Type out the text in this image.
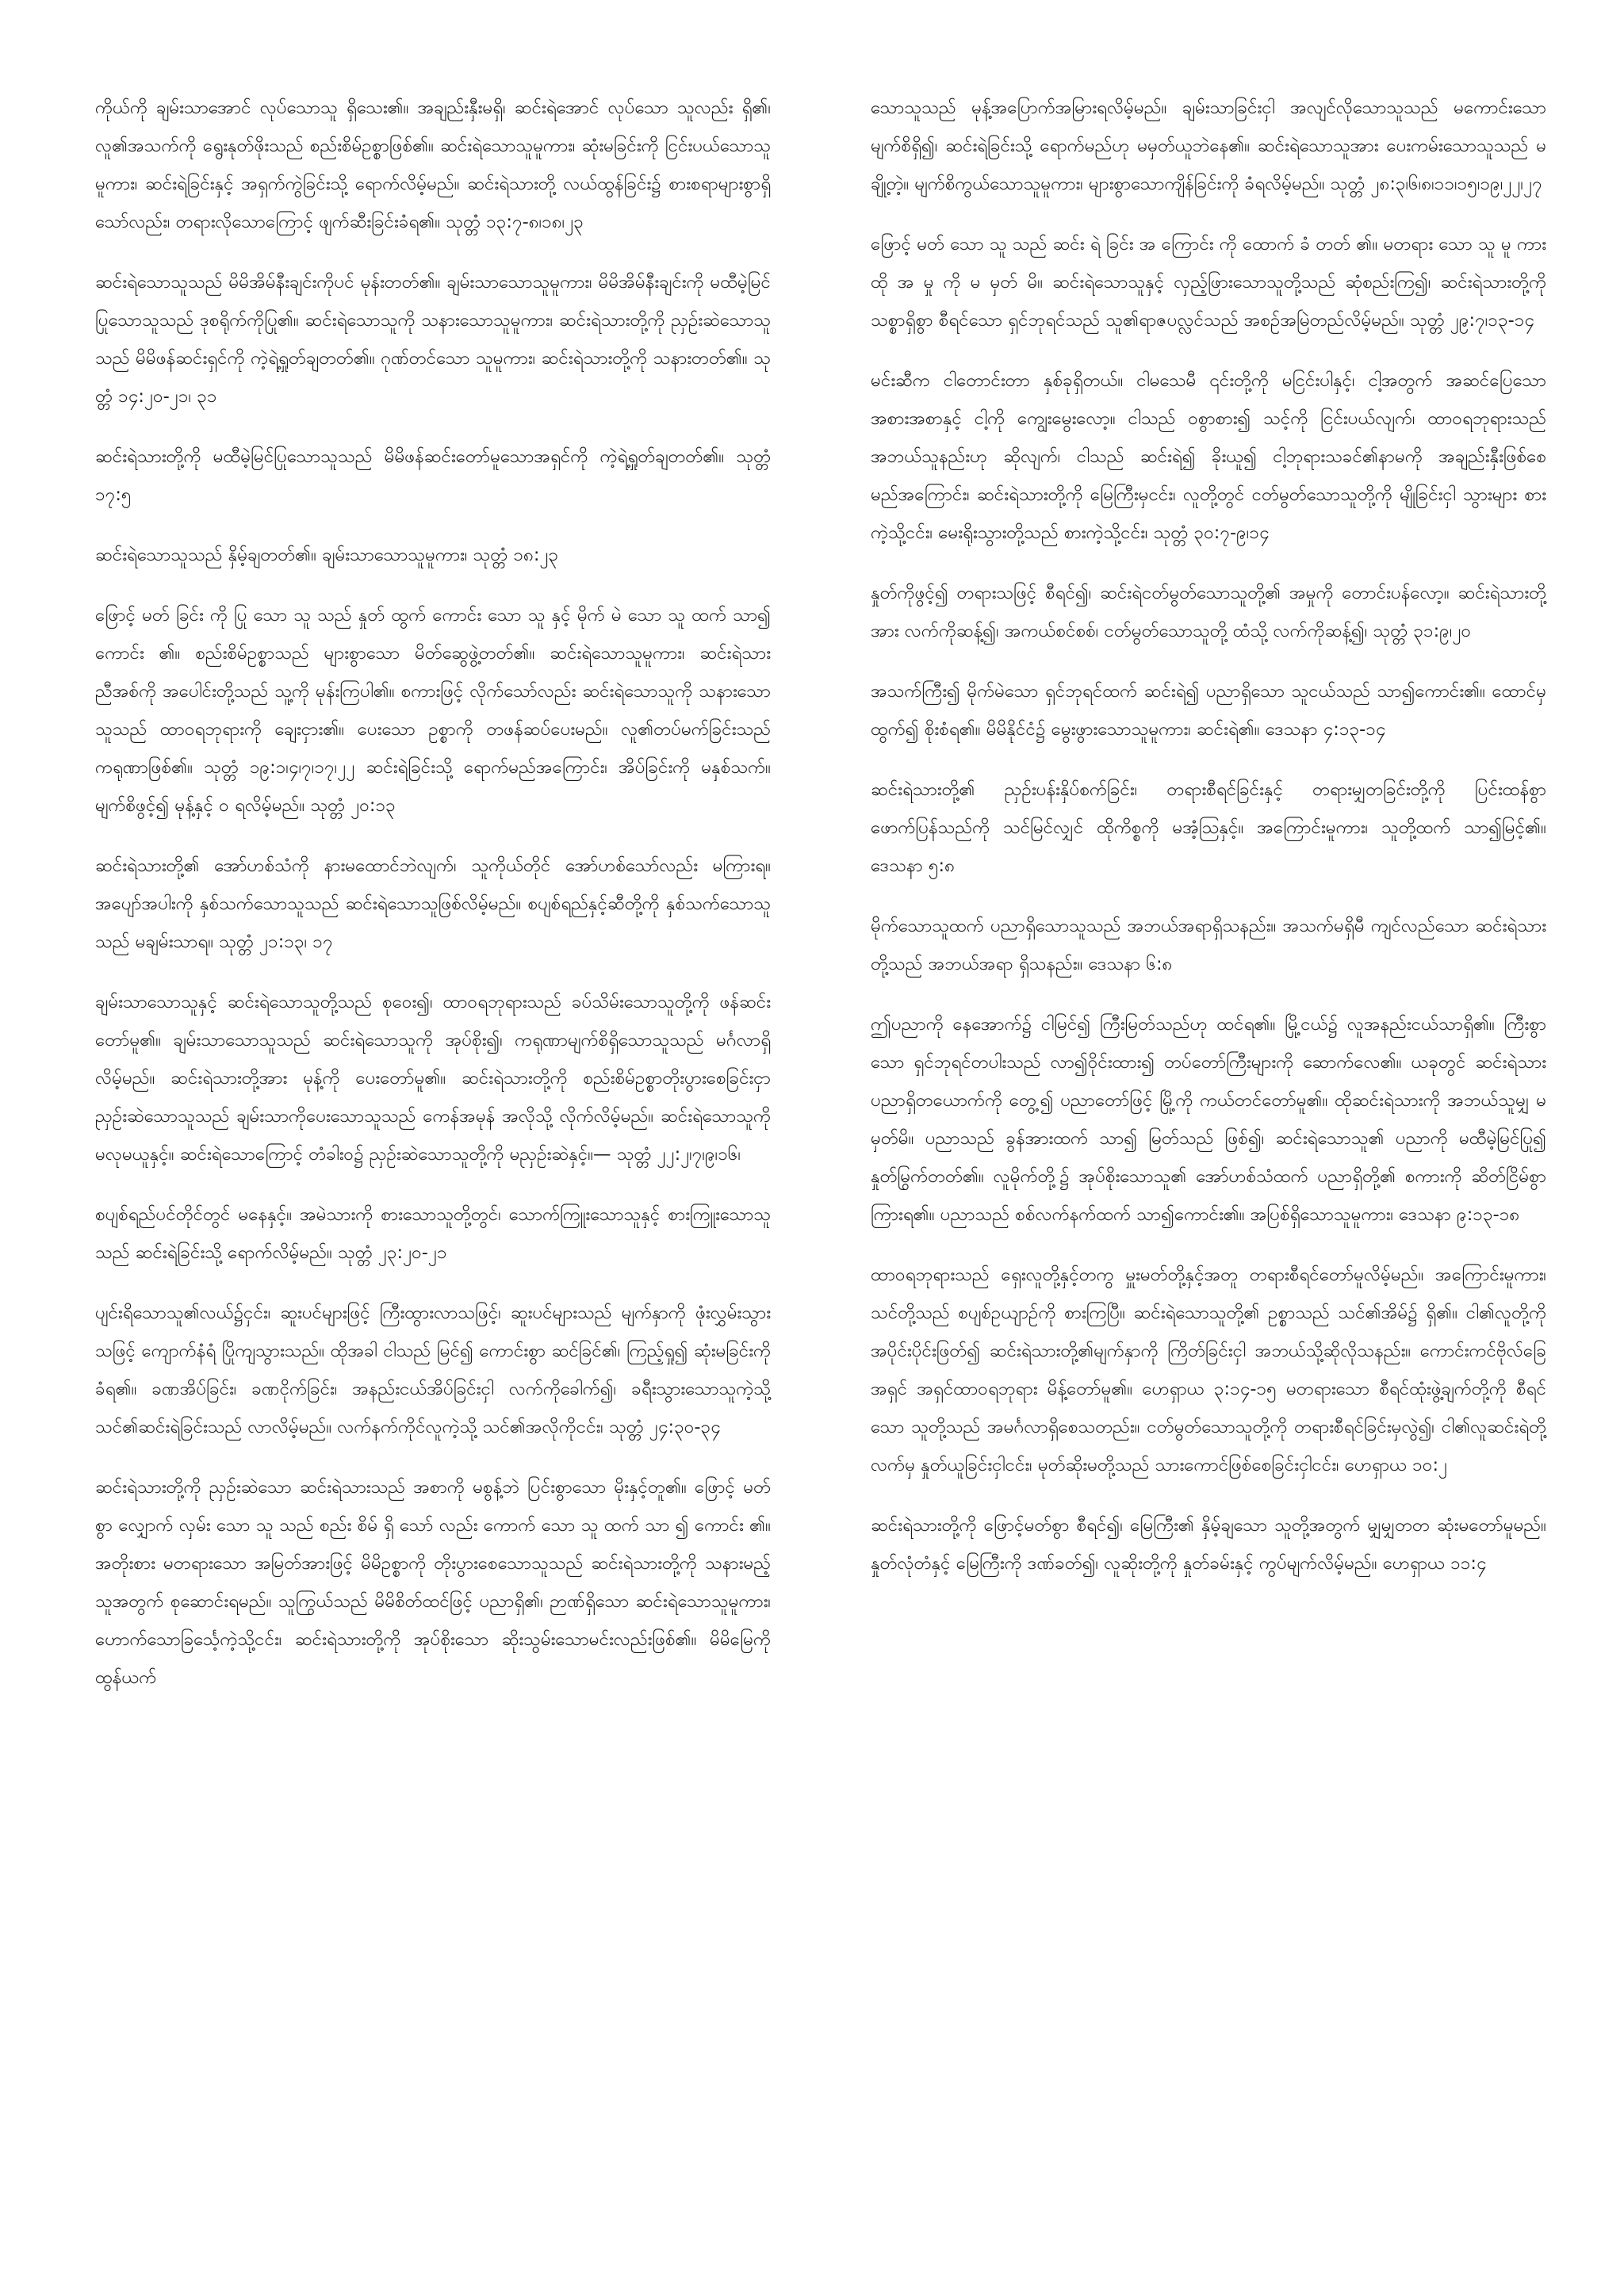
ကိုယ်ကို ချမ်းသာအောင် လုပ်သောသူ ရှိသေး၏။ အချည်းနှီးမရှိ၊ ဆင်းရဲအောင် လုပ်သော သူလည်း ရှိ၏၊ လူ၏အသက်ကို ရွေးနုတ်ဖိုးသည် စည်းစိမ်ဥစ္စာဖြစ်၏။ ဆင်းရဲသောသူမူကား၊ ဆုံးမခြင်းကို ငြင်းပယ်သောသူမူကား၊ ဆင်းရဲခြင်းနှင့် အရှက်ကွဲခြင်းသို့ ရောက်လိမ့်မည်။ ဆင်းရဲသားတို့ လယ်ထွန်ခြင်း၌ စားစရာများစွာရှိသော်လည်း၊ တရားလိုသောကြောင့် ဖျက်ဆီးခြင်းခံရ၏။ သုတ္တံ ၁၃:၇-၈၊၁၈၊၂၃

ဆင်းရဲသောသူသည် မိမိအိမ်နီးချင်းကိုပင် မုန်းတတ်၏။ ချမ်းသာသောသူမူကား၊ မိမိအိမ်နီးချင်းကို မထီမဲ့မြင်ပြုသောသူသည် ဒုစရိုက်ကိုပြု၏။ ဆင်းရဲသောသူကို သနားသောသူမူကား၊ ဆင်းရဲသားတို့ကို ညှဉ်းဆဲသောသူသည် မိမိဖန်ဆင်းရှင်ကို ကဲ့ရဲ့ရှုတ်ချတတ်၏။ ဂုဏ်တင်သော သူမူကား၊ ဆင်းရဲသားတို့ကို သနားတတ်၏။ သုတ္တံ ၁၄:၂၀-၂၁၊ ၃၁

ဆင်းရဲသားတို့ကို မထီမဲ့မြင်ပြုသောသူသည် မိမိဖန်ဆင်းတော်မူသောအရှင်ကို ကဲ့ရဲ့ရှုတ်ချတတ်၏။ သုတ္တံ ၁၇:၅

ဆင်းရဲသောသူသည် နှိမ့်ချတတ်၏။ ချမ်းသာသောသူမူကား၊ သုတ္တံ ၁၈:၂၃

ဖြောင့် မတ် ခြင်း ကို ပြု သော သူ သည် နှုတ် ထွက် ကောင်း သော သူ နှင့် မိုက် မဲ သော သူ ထက် သာ၍ ကောင်း ၏။ စည်းစိမ်ဥစ္စာသည် များစွာသော မိတ်ဆွေဖွဲ့တတ်၏။ ဆင်းရဲသောသူမူကား၊ ဆင်းရဲသား ညီအစ်ကို အပေါင်းတို့သည် သူ့ကို မုန်းကြပါ၏။ စကားဖြင့် လိုက်သော်လည်း ဆင်းရဲသောသူကို သနားသောသူသည် ထာဝရဘုရားကို ချေးငှား၏။ ပေးသော ဥစ္စာကို တဖန်ဆပ်ပေးမည်။ လူ၏တပ်မက်ခြင်းသည် ကရုဏာဖြစ်၏။ သုတ္တံ ၁၉:၁၊၄၊၇၊၁၇၊၂၂ ဆင်းရဲခြင်းသို့ ရောက်မည်အကြောင်း၊ အိပ်ခြင်းကို မနှစ်သက်။ မျက်စိဖွင့်၍ မုန့်နှင့် ဝ ရလိမ့်မည်။ သုတ္တံ ၂၀:၁၃

ဆင်းရဲသားတို့၏ အော်ဟစ်သံကို နားမထောင်ဘဲလျက်၊ သူကိုယ်တိုင် အော်ဟစ်သော်လည်း မကြားရ။ အပျော်အပါးကို နှစ်သက်သောသူသည် ဆင်းရဲသောသူဖြစ်လိမ့်မည်။ စပျစ်ရည်နှင့်ဆီတို့ကို နှစ်သက်သောသူသည် မချမ်းသာရ။ သုတ္တံ ၂၁:၁၃၊ ၁၇

ချမ်းသာသောသူနှင့် ဆင်းရဲသောသူတို့သည် စုဝေး၍၊ ထာဝရဘုရားသည် ခပ်သိမ်းသောသူတို့ကို ဖန်ဆင်းတော်မူ၏။ ချမ်းသာသောသူသည် ဆင်းရဲသောသူကို အုပ်စိုး၍၊ ကရုဏာမျက်စိရှိသောသူသည် မင်္ဂလာရှိလိမ့်မည်။ ဆင်းရဲသားတို့အား မုန့်ကို ပေးတော်မူ၏။ ဆင်းရဲသားတို့ကို စည်းစိမ်ဥစ္စာတိုးပွားစေခြင်းငှာ ညှဉ်းဆဲသောသူသည် ချမ်းသာကိုပေးသောသူသည် ကေန်အမုန် အလိုသို့ လိုက်လိမ့်မည်။ ဆင်းရဲသောသူကို မလုမယူနှင့်။ ဆင်းရဲသောကြောင့် တံခါး၀၌ ညှဉ်းဆဲသောသူတို့ကို မညှဉ်းဆဲနှင့်။— သုတ္တံ ၂၂:၂၊၇၊၉၊၁၆၊

စပျစ်ရည်ပင်တိုင်တွင် မနေနှင့်။ အမဲသားကို စားသောသူတို့တွင်၊ သောက်ကြူးသောသူနှင့် စားကြူးသောသူသည် ဆင်းရဲခြင်းသို့ ရောက်လိမ့်မည်။ သုတ္တံ ၂၃:၂၀-၂၁

ပျင်းရိသောသူ၏လယ်၌ငှင်း၊ ဆူးပင်များဖြင့် ကြီးထွားလာသဖြင့်၊ ဆူးပင်များသည် မျက်နှာကို ဖုံးလွှမ်းသွားသဖြင့် ကျောက်နံရံ ပြိုကျသွားသည်။ ထိုအခါ ငါသည် မြင်၍ ကောင်းစွာ ဆင်ခြင်၏၊ ကြည့်ရှု၍ ဆုံးမခြင်းကို ခံရ၏။ ခဏအိပ်ခြင်း၊ ခဏငိုက်ခြင်း၊ အနည်းငယ်အိပ်ခြင်းငှါ လက်ကိုခေါက်၍၊ ခရီးသွားသောသူကဲ့သို့ သင်၏ဆင်းရဲခြင်းသည် လာလိမ့်မည်။ လက်နက်ကိုင်လူကဲ့သို့ သင်၏အလိုကိုငင်း၊ သုတ္တံ ၂၄:၃၀-၃၄

ဆင်းရဲသားတို့ကို ညှဉ်းဆဲသော ဆင်းရဲသားသည် အစာကို မစွန့်ဘဲ ပြင်းစွာသော မိုးနှင့်တူ၏။ ဖြောင့် မတ် စွာ လျှောက် လှမ်း သော သူ သည် စည်း စိမ် ရှိ သော် လည်း ကောက် သော သူ ထက် သာ ၍ ကောင်း ၏။ အတိုးစား မတရားသော အမြတ်အားဖြင့် မိမိဥစ္စာကို တိုးပွားစေသောသူသည် ဆင်းရဲသားတို့ကို သနားမည့်သူအတွက် စုဆောင်းရမည်။ သူကြွယ်သည် မိမိစိတ်ထင်ဖြင့် ပညာရှိ၏၊ ဉာဏ်ရှိသော ဆင်းရဲသောသူမူကား၊ ဟောက်သောခြင်္သေ့ကဲ့သို့ငင်း၊ ဆင်းရဲသားတို့ကို အုပ်စိုးသော ဆိုးသွမ်းသောမင်းလည်းဖြစ်၏။ မိမိမြေကို ထွန်ယက်

သောသူသည် မုန့်အပြောက်အမြားရလိမ့်မည်။ ချမ်းသာခြင်းငှါ အလျင်လိုသောသူသည် မကောင်းသောမျက်စိရှိ၍၊ ဆင်းရဲခြင်းသို့ ရောက်မည်ဟု မမှတ်ယူဘဲနေ၏။ ဆင်းရဲသောသူအား ပေးကမ်းသောသူသည် မချို့တဲ့။ မျက်စိကွယ်သောသူမူကား၊ များစွာသောကျိန်ခြင်းကို ခံရလိမ့်မည်။ သုတ္တံ ၂၈:၃၊၆၊၈၊၁၁၊၁၅၊၁၉၊၂၂၊၂၇

ဖြောင့် မတ် သော သူ သည် ဆင်း ရဲ ခြင်း အ ကြောင်း ကို ထောက် ခံ တတ် ၏။ မတရား သော သူ မူ ကား ထို အ မှု ကို မ မှတ် မိ။ ဆင်းရဲသောသူနှင့် လှည့်ဖြားသောသူတို့သည် ဆုံစည်းကြ၍၊ ဆင်းရဲသားတို့ကို သစ္စာရှိစွာ စီရင်သော ရှင်ဘုရင်သည် သူ၏ရာဇပလ္လင်သည် အစဉ်အမြဲတည်လိမ့်မည်။ သုတ္တံ ၂၉:၇၊၁၃-၁၄

မင်းဆီက ငါတောင်းတာ နှစ်ခုရှိတယ်။ ငါမသေမီ ၎င်းတို့ကို မငြင်းပါနှင့်၊ ငါ့အတွက် အဆင်ပြေသော အစားအစာနှင့် ငါ့ကို ကျွေးမွေးလော့။ ငါသည် ဝစွာစား၍ သင့်ကို ငြင်းပယ်လျက်၊ ထာဝရဘုရားသည် အဘယ်သူနည်းဟု ဆိုလျက်၊ ငါသည် ဆင်းရဲ၍ ခိုးယူ၍ ငါ့ဘုရားသခင်၏နာမကို အချည်းနှီးဖြစ်စေမည်အကြောင်း၊ ဆင်းရဲသားတို့ကို မြေကြီးမှငင်း၊ လူတို့တွင် ငတ်မွတ်သောသူတို့ကို မျိုခြင်းငှါ သွားများ စားကဲ့သို့ငင်း၊ မေးရိုးသွားတို့သည် စားကဲ့သို့ငင်း၊ သုတ္တံ ၃၀:၇-၉၊၁၄

နှုတ်ကိုဖွင့်၍ တရားသဖြင့် စီရင်၍၊ ဆင်းရဲငတ်မွတ်သောသူတို့၏ အမှုကို တောင်းပန်လော့။ ဆင်းရဲသားတို့အား လက်ကိုဆန့်၍၊ အကယ်စင်စစ်၊ ငတ်မွတ်သောသူတို့ ထံသို့ လက်ကိုဆန့်၍၊ သုတ္တံ ၃၁:၉၊၂၀

အသက်ကြီး၍ မိုက်မဲသော ရှင်ဘုရင်ထက် ဆင်းရဲ၍ ပညာရှိသော သူငယ်သည် သာ၍ကောင်း၏။ ထောင်မှထွက်၍ စိုးစံရ၏။ မိမိနိုင်ငံ၌ မွေးဖွားသောသူမူကား၊ ဆင်းရဲ၏။ ဒေသနာ ၄:၁၃-၁၄

ဆင်းရဲသားတို့၏ ညှဉ်းပန်းနှိပ်စက်ခြင်း၊ တရားစီရင်ခြင်းနှင့် တရားမျှတခြင်းတို့ကို ပြင်းထန်စွာ ဖောက်ပြန်သည်ကို သင်မြင်လျှင် ထိုကိစ္စကို မအံ့သြနှင့်။ အကြောင်းမူကား၊ သူတို့ထက် သာ၍မြင့်၏။ ဒေသနာ ၅:၈

မိုက်သောသူထက် ပညာရှိသောသူသည် အဘယ်အရာရှိသနည်း။ အသက်မရှိမီ ကျင်လည်သော ဆင်းရဲသားတို့သည် အဘယ်အရာ ရှိသနည်း။ ဒေသနာ ၆:၈

ဤပညာကို နေအောက်၌ ငါမြင်၍ ကြီးမြတ်သည်ဟု ထင်ရ၏။ မြို့ငယ်၌ လူအနည်းငယ်သာရှိ၏။ ကြီးစွာသော ရှင်ဘုရင်တပါးသည် လာ၍ဝိုင်းထား၍ တပ်တော်ကြီးများကို ဆောက်လေ၏။ ယခုတွင် ဆင်းရဲသား ပညာရှိတယောက်ကို တွေ့၍ ပညာတော်ဖြင့် မြို့ကို ကယ်တင်တော်မူ၏။ ထိုဆင်းရဲသားကို အဘယ်သူမျှ မမှတ်မိ။ ပညာသည် ခွန်အားထက် သာ၍ မြတ်သည် ဖြစ်၍၊ ဆင်းရဲသောသူ၏ ပညာကို မထီမဲ့မြင်ပြု၍ နှုတ်မြွက်တတ်၏။ လူမိုက်တို့၌ အုပ်စိုးသောသူ၏ အော်ဟစ်သံထက် ပညာရှိတို့၏ စကားကို ဆိတ်ငြိမ်စွာကြားရ၏။ ပညာသည် စစ်လက်နက်ထက် သာ၍ကောင်း၏။ အပြစ်ရှိသောသူမူကား၊ ဒေသနာ ၉:၁၃-၁၈

ထာဝရဘုရားသည် ရှေးလူတို့နှင့်တကွ မှူးမတ်တို့နှင့်အတူ တရားစီရင်တော်မူလိမ့်မည်။ အကြောင်းမူကား၊ သင်တို့သည် စပျစ်ဥယျာဉ်ကို စားကြပြီ။ ဆင်းရဲသောသူတို့၏ ဥစ္စာသည် သင်၏အိမ်၌ ရှိ၏။ ငါ၏လူတို့ကို အပိုင်းပိုင်းဖြတ်၍ ဆင်းရဲသားတို့၏မျက်နှာကို ကြိတ်ခြင်းငှါ အဘယ်သို့ဆိုလိုသနည်း။ ကောင်းကင်ဗိုလ်ခြေအရှင် အရှင်ထာဝရဘုရား မိန့်တော်မူ၏။ ဟေရှာယ ၃:၁၄-၁၅ မတရားသော စီရင်ထုံးဖွဲ့ချက်တို့ကို စီရင်သော သူတို့သည် အမင်္ဂလာရှိစေသတည်း။ ငတ်မွတ်သောသူတို့ကို တရားစီရင်ခြင်းမှလွဲ၍၊ ငါ၏လူဆင်းရဲတို့လက်မှ နှုတ်ယူခြင်းငှါငင်း၊ မုတ်ဆိုးမတို့သည် သားကောင်ဖြစ်စေခြင်းငှါငင်း၊ ဟေရှာယ ၁၀:၂

ဆင်းရဲသားတို့ကို ဖြောင့်မတ်စွာ စီရင်၍၊ မြေကြီး၏ နှိမ့်ချသော သူတို့အတွက် မျှမျှတတ ဆုံးမတော်မူမည်။ နှုတ်လုံတံနှင့် မြေကြီးကို ဒဏ်ခတ်၍၊ လူဆိုးတို့ကို နှုတ်ခမ်းနှင့် ကွပ်မျက်လိမ့်မည်။ ဟေရှာယ ၁၁:၄
